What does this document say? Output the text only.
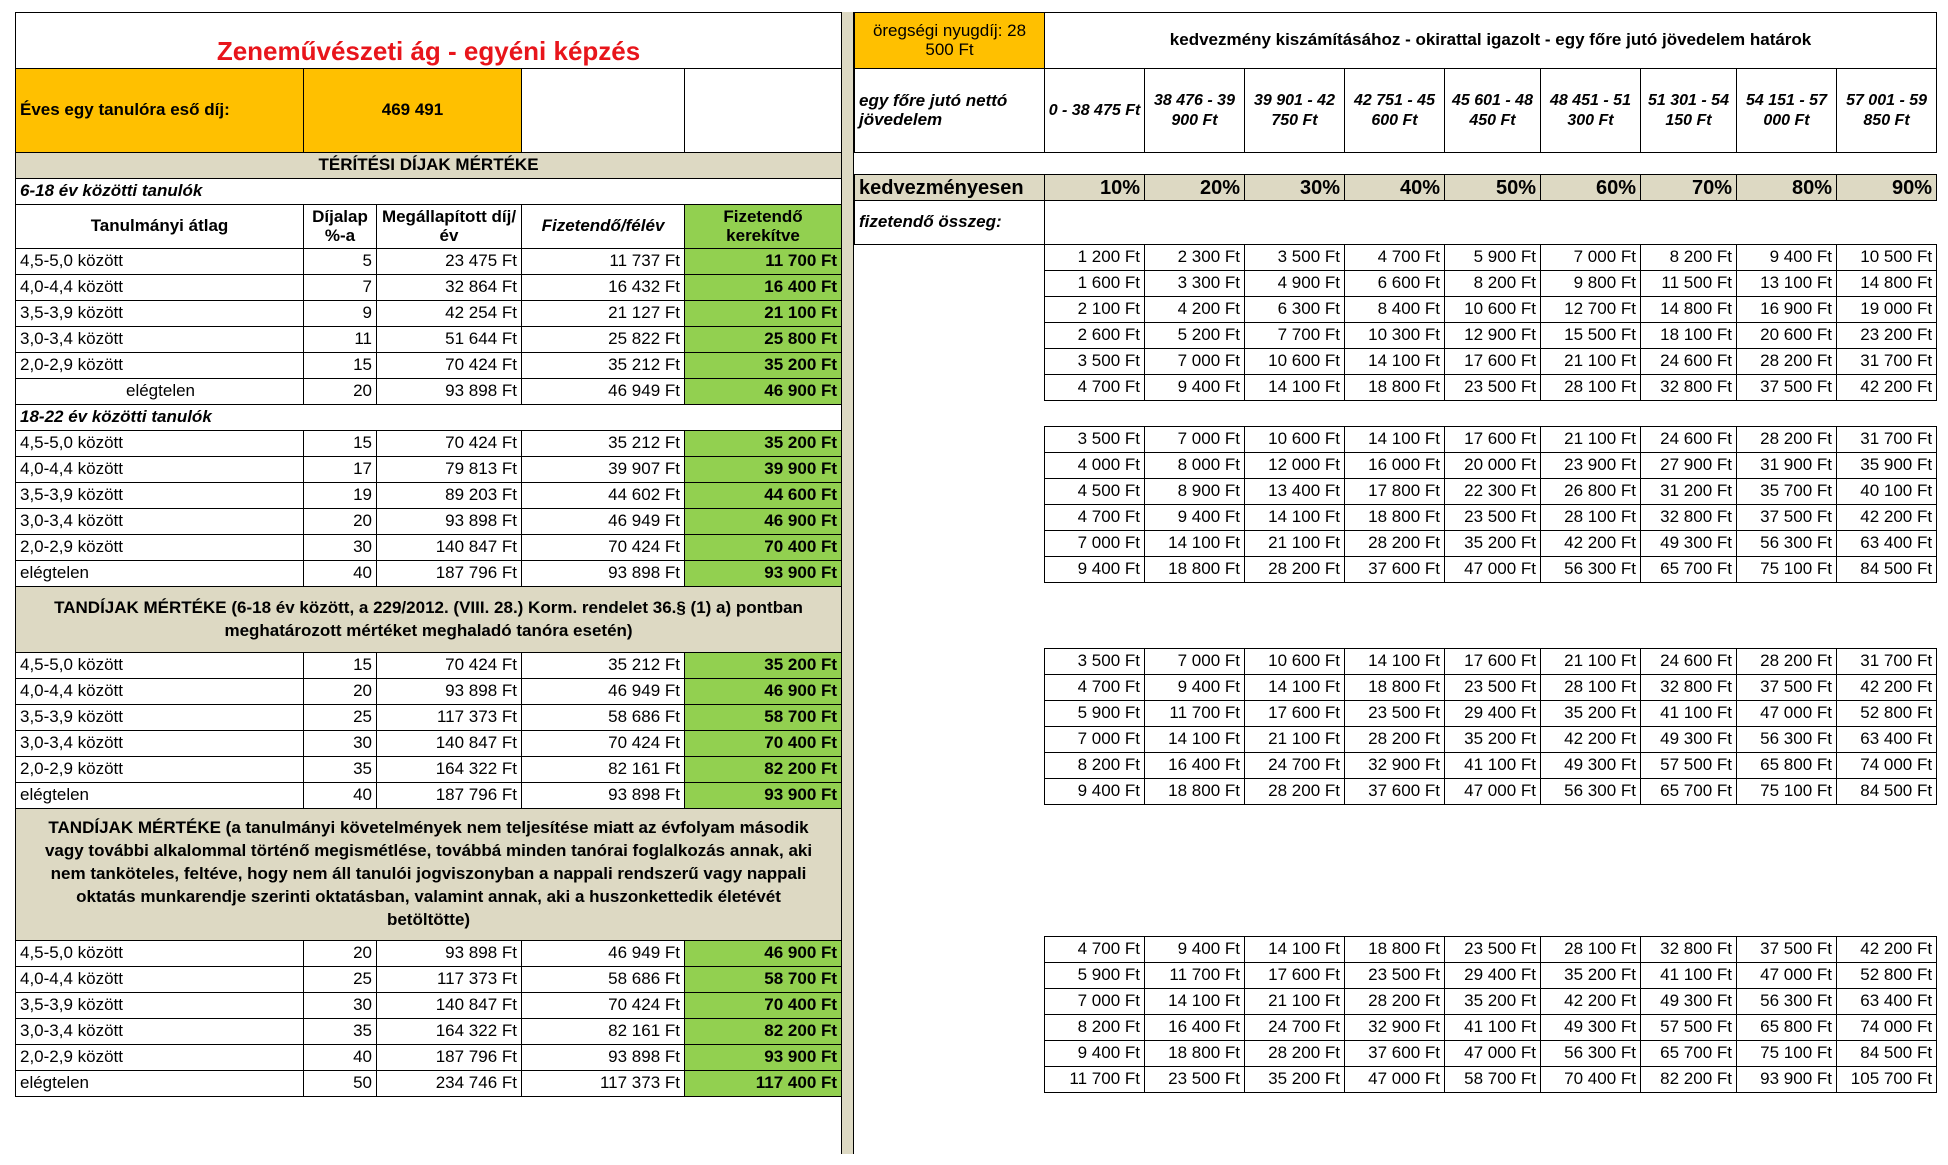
Zeneművészeti ág - egyéni képzés				
Éves egy tanulóra eső díj:	469 491			
TÉRÍTÉSI DÍJAK MÉRTÉKE				
6-18 év közötti tanulók				
Tanulmányi átlag	Díjalap %-a	Megállapított díj/év	Fizetendő/félév	Fizetendő kerekítve
4,5-5,0 között	5	23 475 Ft	11 737 Ft	11 700 Ft
4,0-4,4 között	7	32 864 Ft	16 432 Ft	16 400 Ft
3,5-3,9 között	9	42 254 Ft	21 127 Ft	21 100 Ft
3,0-3,4 között	11	51 644 Ft	25 822 Ft	25 800 Ft
2,0-2,9 között	15	70 424 Ft	35 212 Ft	35 200 Ft
elégtelen	20	93 898 Ft	46 949 Ft	46 900 Ft
18-22 év közötti tanulók				
4,5-5,0 között	15	70 424 Ft	35 212 Ft	35 200 Ft
4,0-4,4 között	17	79 813 Ft	39 907 Ft	39 900 Ft
3,5-3,9 között	19	89 203 Ft	44 602 Ft	44 600 Ft
3,0-3,4 között	20	93 898 Ft	46 949 Ft	46 900 Ft
2,0-2,9 között	30	140 847 Ft	70 424 Ft	70 400 Ft
elégtelen	40	187 796 Ft	93 898 Ft	93 900 Ft
TANDÍJAK MÉRTÉKE (6-18 év között, a 229/2012. (VIII. 28.) Korm. rendelet 36.§ (1) a) pontban meghatározott mértéket meghaladó tanóra esetén)				
4,5-5,0 között	15	70 424 Ft	35 212 Ft	35 200 Ft
4,0-4,4 között	20	93 898 Ft	46 949 Ft	46 900 Ft
3,5-3,9 között	25	117 373 Ft	58 686 Ft	58 700 Ft
3,0-3,4 között	30	140 847 Ft	70 424 Ft	70 400 Ft
2,0-2,9 között	35	164 322 Ft	82 161 Ft	82 200 Ft
elégtelen	40	187 796 Ft	93 898 Ft	93 900 Ft
TANDÍJAK MÉRTÉKE (a tanulmányi követelmények nem teljesítése miatt az évfolyam második vagy további alkalommal történő megismétlése, továbbá minden tanórai foglalkozás annak, aki nem tanköteles, feltéve, hogy nem áll tanulói jogviszonyban a nappali rendszerű vagy nappali oktatás munkarendje szerinti oktatásban, valamint annak, aki a huszonkettedik életévét betöltötte)				
4,5-5,0 között	20	93 898 Ft	46 949 Ft	46 900 Ft
4,0-4,4 között	25	117 373 Ft	58 686 Ft	58 700 Ft
3,5-3,9 között	30	140 847 Ft	70 424 Ft	70 400 Ft
3,0-3,4 között	35	164 322 Ft	82 161 Ft	82 200 Ft
2,0-2,9 között	40	187 796 Ft	93 898 Ft	93 900 Ft
elégtelen	50	234 746 Ft	117 373 Ft	117 400 Ft
öregségi nyugdíj: 28 500 Ft	kedvezmény kiszámításához - okirattal igazolt - egy főre jutó jövedelem határok								
egy főre jutó nettó jövedelem	0 - 38 475 Ft	38 476 - 39 900 Ft	39 901 - 42 750 Ft	42 751 - 45 600 Ft	45 601 - 48 450 Ft	48 451 - 51 300 Ft	51 301 - 54 150 Ft	54 151 - 57 000 Ft	57 001 - 59 850 Ft

kedvezményesen	10%	20%	30%	40%	50%	60%	70%	80%	90%
fizetendő összeg:									
	1 200 Ft	2 300 Ft	3 500 Ft	4 700 Ft	5 900 Ft	7 000 Ft	8 200 Ft	9 400 Ft	10 500 Ft
	1 600 Ft	3 300 Ft	4 900 Ft	6 600 Ft	8 200 Ft	9 800 Ft	11 500 Ft	13 100 Ft	14 800 Ft
	2 100 Ft	4 200 Ft	6 300 Ft	8 400 Ft	10 600 Ft	12 700 Ft	14 800 Ft	16 900 Ft	19 000 Ft
	2 600 Ft	5 200 Ft	7 700 Ft	10 300 Ft	12 900 Ft	15 500 Ft	18 100 Ft	20 600 Ft	23 200 Ft
	3 500 Ft	7 000 Ft	10 600 Ft	14 100 Ft	17 600 Ft	21 100 Ft	24 600 Ft	28 200 Ft	31 700 Ft
	4 700 Ft	9 400 Ft	14 100 Ft	18 800 Ft	23 500 Ft	28 100 Ft	32 800 Ft	37 500 Ft	42 200 Ft

	3 500 Ft	7 000 Ft	10 600 Ft	14 100 Ft	17 600 Ft	21 100 Ft	24 600 Ft	28 200 Ft	31 700 Ft
	4 000 Ft	8 000 Ft	12 000 Ft	16 000 Ft	20 000 Ft	23 900 Ft	27 900 Ft	31 900 Ft	35 900 Ft
	4 500 Ft	8 900 Ft	13 400 Ft	17 800 Ft	22 300 Ft	26 800 Ft	31 200 Ft	35 700 Ft	40 100 Ft
	4 700 Ft	9 400 Ft	14 100 Ft	18 800 Ft	23 500 Ft	28 100 Ft	32 800 Ft	37 500 Ft	42 200 Ft
	7 000 Ft	14 100 Ft	21 100 Ft	28 200 Ft	35 200 Ft	42 200 Ft	49 300 Ft	56 300 Ft	63 400 Ft
	9 400 Ft	18 800 Ft	28 200 Ft	37 600 Ft	47 000 Ft	56 300 Ft	65 700 Ft	75 100 Ft	84 500 Ft

	3 500 Ft	7 000 Ft	10 600 Ft	14 100 Ft	17 600 Ft	21 100 Ft	24 600 Ft	28 200 Ft	31 700 Ft
	4 700 Ft	9 400 Ft	14 100 Ft	18 800 Ft	23 500 Ft	28 100 Ft	32 800 Ft	37 500 Ft	42 200 Ft
	5 900 Ft	11 700 Ft	17 600 Ft	23 500 Ft	29 400 Ft	35 200 Ft	41 100 Ft	47 000 Ft	52 800 Ft
	7 000 Ft	14 100 Ft	21 100 Ft	28 200 Ft	35 200 Ft	42 200 Ft	49 300 Ft	56 300 Ft	63 400 Ft
	8 200 Ft	16 400 Ft	24 700 Ft	32 900 Ft	41 100 Ft	49 300 Ft	57 500 Ft	65 800 Ft	74 000 Ft
	9 400 Ft	18 800 Ft	28 200 Ft	37 600 Ft	47 000 Ft	56 300 Ft	65 700 Ft	75 100 Ft	84 500 Ft

	4 700 Ft	9 400 Ft	14 100 Ft	18 800 Ft	23 500 Ft	28 100 Ft	32 800 Ft	37 500 Ft	42 200 Ft
	5 900 Ft	11 700 Ft	17 600 Ft	23 500 Ft	29 400 Ft	35 200 Ft	41 100 Ft	47 000 Ft	52 800 Ft
	7 000 Ft	14 100 Ft	21 100 Ft	28 200 Ft	35 200 Ft	42 200 Ft	49 300 Ft	56 300 Ft	63 400 Ft
	8 200 Ft	16 400 Ft	24 700 Ft	32 900 Ft	41 100 Ft	49 300 Ft	57 500 Ft	65 800 Ft	74 000 Ft
	9 400 Ft	18 800 Ft	28 200 Ft	37 600 Ft	47 000 Ft	56 300 Ft	65 700 Ft	75 100 Ft	84 500 Ft
	11 700 Ft	23 500 Ft	35 200 Ft	47 000 Ft	58 700 Ft	70 400 Ft	82 200 Ft	93 900 Ft	105 700 Ft
